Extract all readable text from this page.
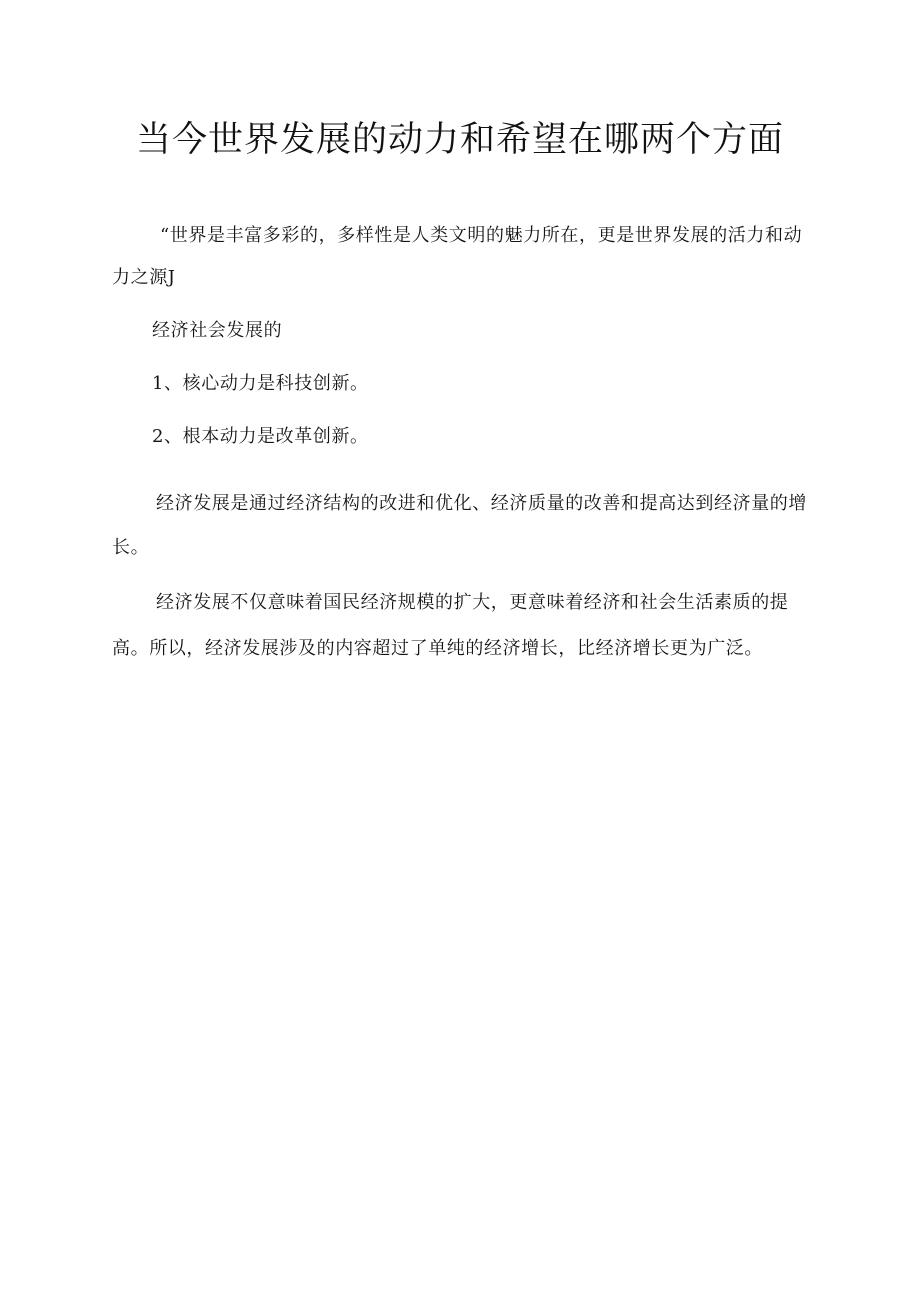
当今世界发展的动力和希望在哪两个方面

“世界是丰富多彩的，多样性是人类文明的魅力所在，更是世界发展的活力和动力之源J

经济社会发展的

1、核心动力是科技创新。

2、根本动力是改革创新。

经济发展是通过经济结构的改进和优化、经济质量的改善和提高达到经济量的增长。

经济发展不仅意味着国民经济规模的扩大，更意味着经济和社会生活素质的提高。所以，经济发展涉及的内容超过了单纯的经济增长，比经济增长更为广泛。
